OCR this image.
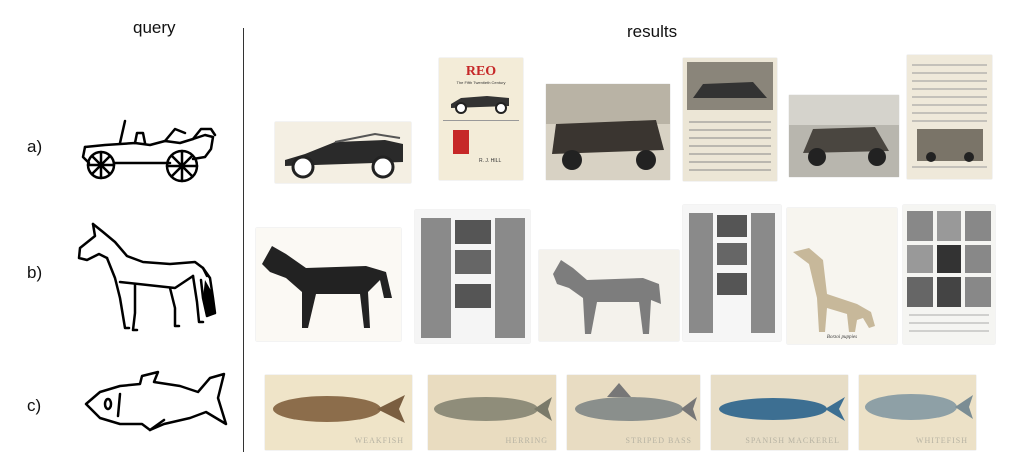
query	results
a)
b)
c)
REO
The Fifth Twentieth Century
R. J. HILL
Borzoi puppies
WEAKFISH	HERRING	STRIPED BASS	SPANISH MACKEREL	WHITEFISH
